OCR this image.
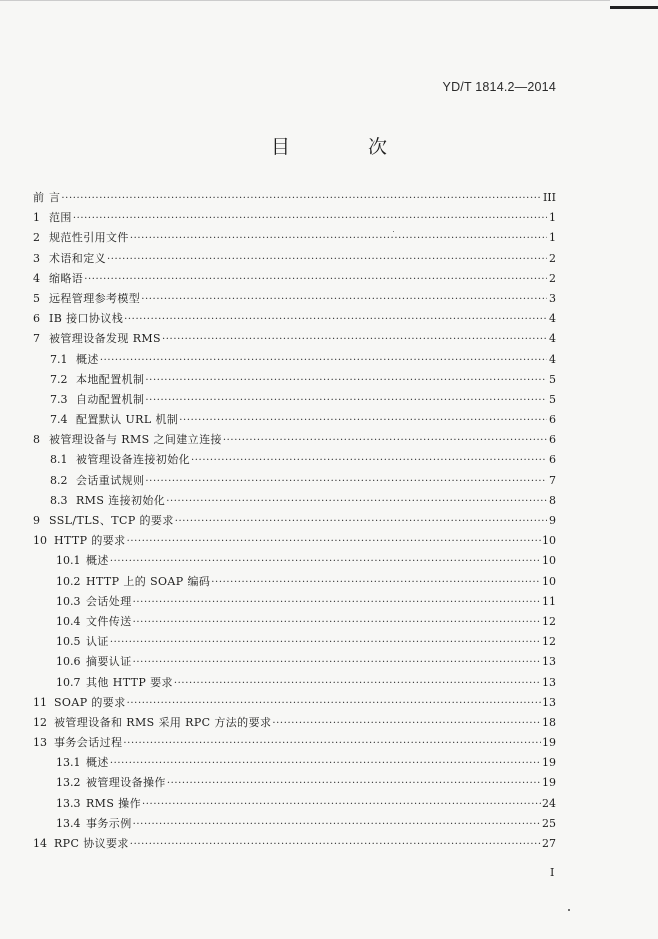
YD/T 1814.2—2014
目 次
前 言 ·····	III
1 范围 ·····	1
2 规范性引用文件 ·····	1
3 术语和定义 ·····	2
4 缩略语 ·····	2
5 远程管理参考模型 ·····	3
6 IB 接口协议栈 ·····	4
7 被管理设备发现 RMS ·····	4
7.1 概述 ·····	4
7.2 本地配置机制 ·····	5
7.3 自动配置机制 ·····	5
7.4 配置默认 URL 机制 ·····	6
8 被管理设备与 RMS 之间建立连接 ·····	6
8.1 被管理设备连接初始化 ·····	6
8.2 会话重试规则 ·····	7
8.3 RMS 连接初始化 ·····	8
9 SSL/TLS、TCP 的要求 ·····	9
10 HTTP 的要求 ·····	10
10.1 概述 ·····	10
10.2 HTTP 上的 SOAP 编码 ·····	10
10.3 会话处理 ·····	11
10.4 文件传送 ·····	12
10.5 认证 ·····	12
10.6 摘要认证 ·····	13
10.7 其他 HTTP 要求 ·····	13
11 SOAP 的要求 ·····	13
12 被管理设备和 RMS 采用 RPC 方法的要求 ·····	18
13 事务会话过程 ·····	19
13.1 概述 ·····	19
13.2 被管理设备操作 ·····	19
13.3 RMS 操作 ·····	24
13.4 事务示例 ·····	25
14 RPC 协议要求 ·····	27
I
